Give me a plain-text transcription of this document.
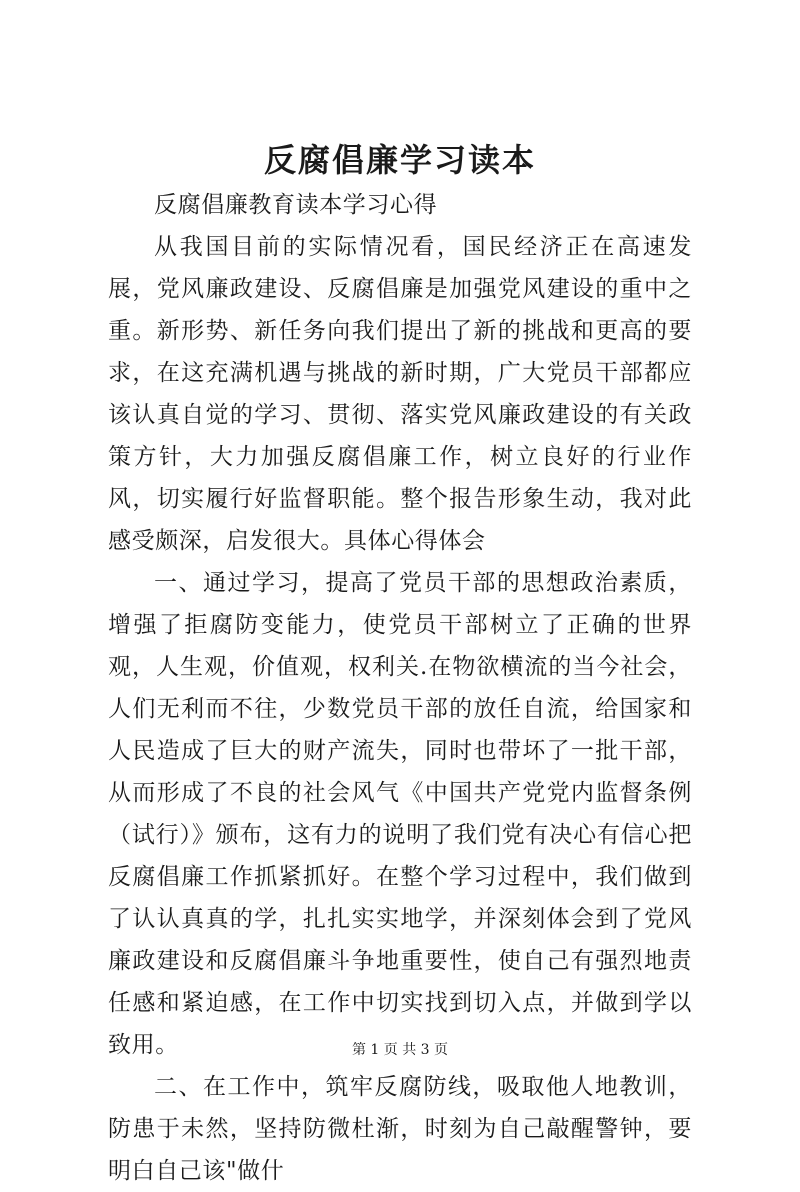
反腐倡廉学习读本

反腐倡廉教育读本学习心得

从我国目前的实际情况看，国民经济正在高速发展，党风廉政建设、反腐倡廉是加强党风建设的重中之重。新形势、新任务向我们提出了新的挑战和更高的要求，在这充满机遇与挑战的新时期，广大党员干部都应该认真自觉的学习、贯彻、落实党风廉政建设的有关政策方针，大力加强反腐倡廉工作，树立良好的行业作风，切实履行好监督职能。整个报告形象生动，我对此感受颇深，启发很大。具体心得体会

一、通过学习，提高了党员干部的思想政治素质，增强了拒腐防变能力，使党员干部树立了正确的世界观，人生观，价值观，权利关.在物欲横流的当今社会，人们无利而不往，少数党员干部的放任自流，给国家和人民造成了巨大的财产流失，同时也带坏了一批干部，从而形成了不良的社会风气《中国共产党党内监督条例（试行）》颁布，这有力的说明了我们党有决心有信心把反腐倡廉工作抓紧抓好。在整个学习过程中，我们做到了认认真真的学，扎扎实实地学，并深刻体会到了党风廉政建设和反腐倡廉斗争地重要性，使自己有强烈地责任感和紧迫感，在工作中切实找到切入点，并做到学以致用。

二、在工作中，筑牢反腐防线，吸取他人地教训，防患于未然，坚持防微杜渐，时刻为自己敲醒警钟，要明白自己该"做什

第 1 页 共 3 页
